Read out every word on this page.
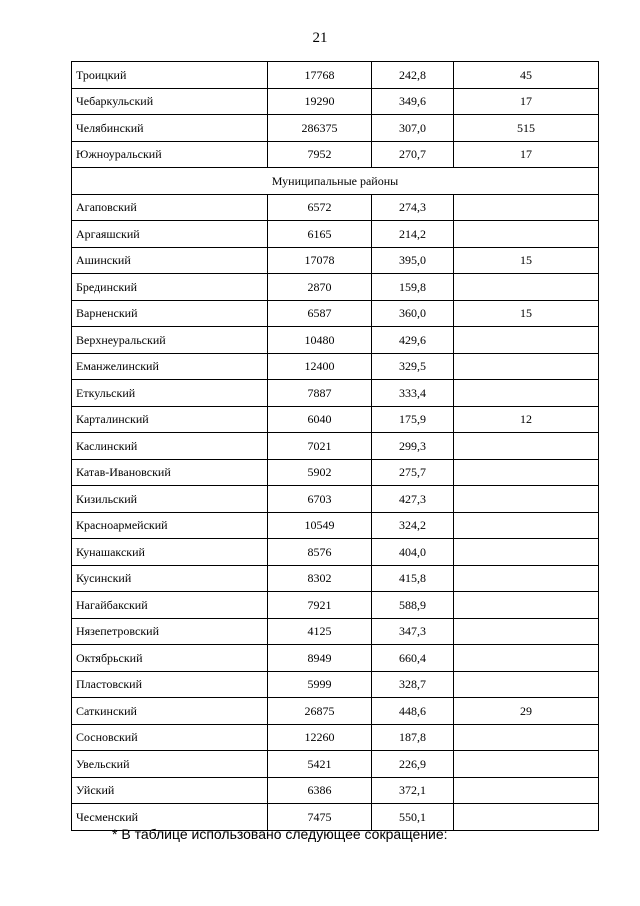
21
Троицкий	17768	242,8	45
Чебаркульский	19290	349,6	17
Челябинский	286375	307,0	515
Южноуральский	7952	270,7	17
Муниципальные районы			
Агаповский	6572	274,3	
Аргаяшский	6165	214,2	
Ашинский	17078	395,0	15
Брединский	2870	159,8	
Варненский	6587	360,0	15
Верхнеуральский	10480	429,6	
Еманжелинский	12400	329,5	
Еткульский	7887	333,4	
Карталинский	6040	175,9	12
Каслинский	7021	299,3	
Катав-Ивановский	5902	275,7	
Кизильский	6703	427,3	
Красноармейский	10549	324,2	
Кунашакский	8576	404,0	
Кусинский	8302	415,8	
Нагайбакский	7921	588,9	
Нязепетровский	4125	347,3	
Октябрьский	8949	660,4	
Пластовский	5999	328,7	
Саткинский	26875	448,6	29
Сосновский	12260	187,8	
Увельский	5421	226,9	
Уйский	6386	372,1	
Чесменский	7475	550,1	
* В таблице использовано следующее сокращение:
